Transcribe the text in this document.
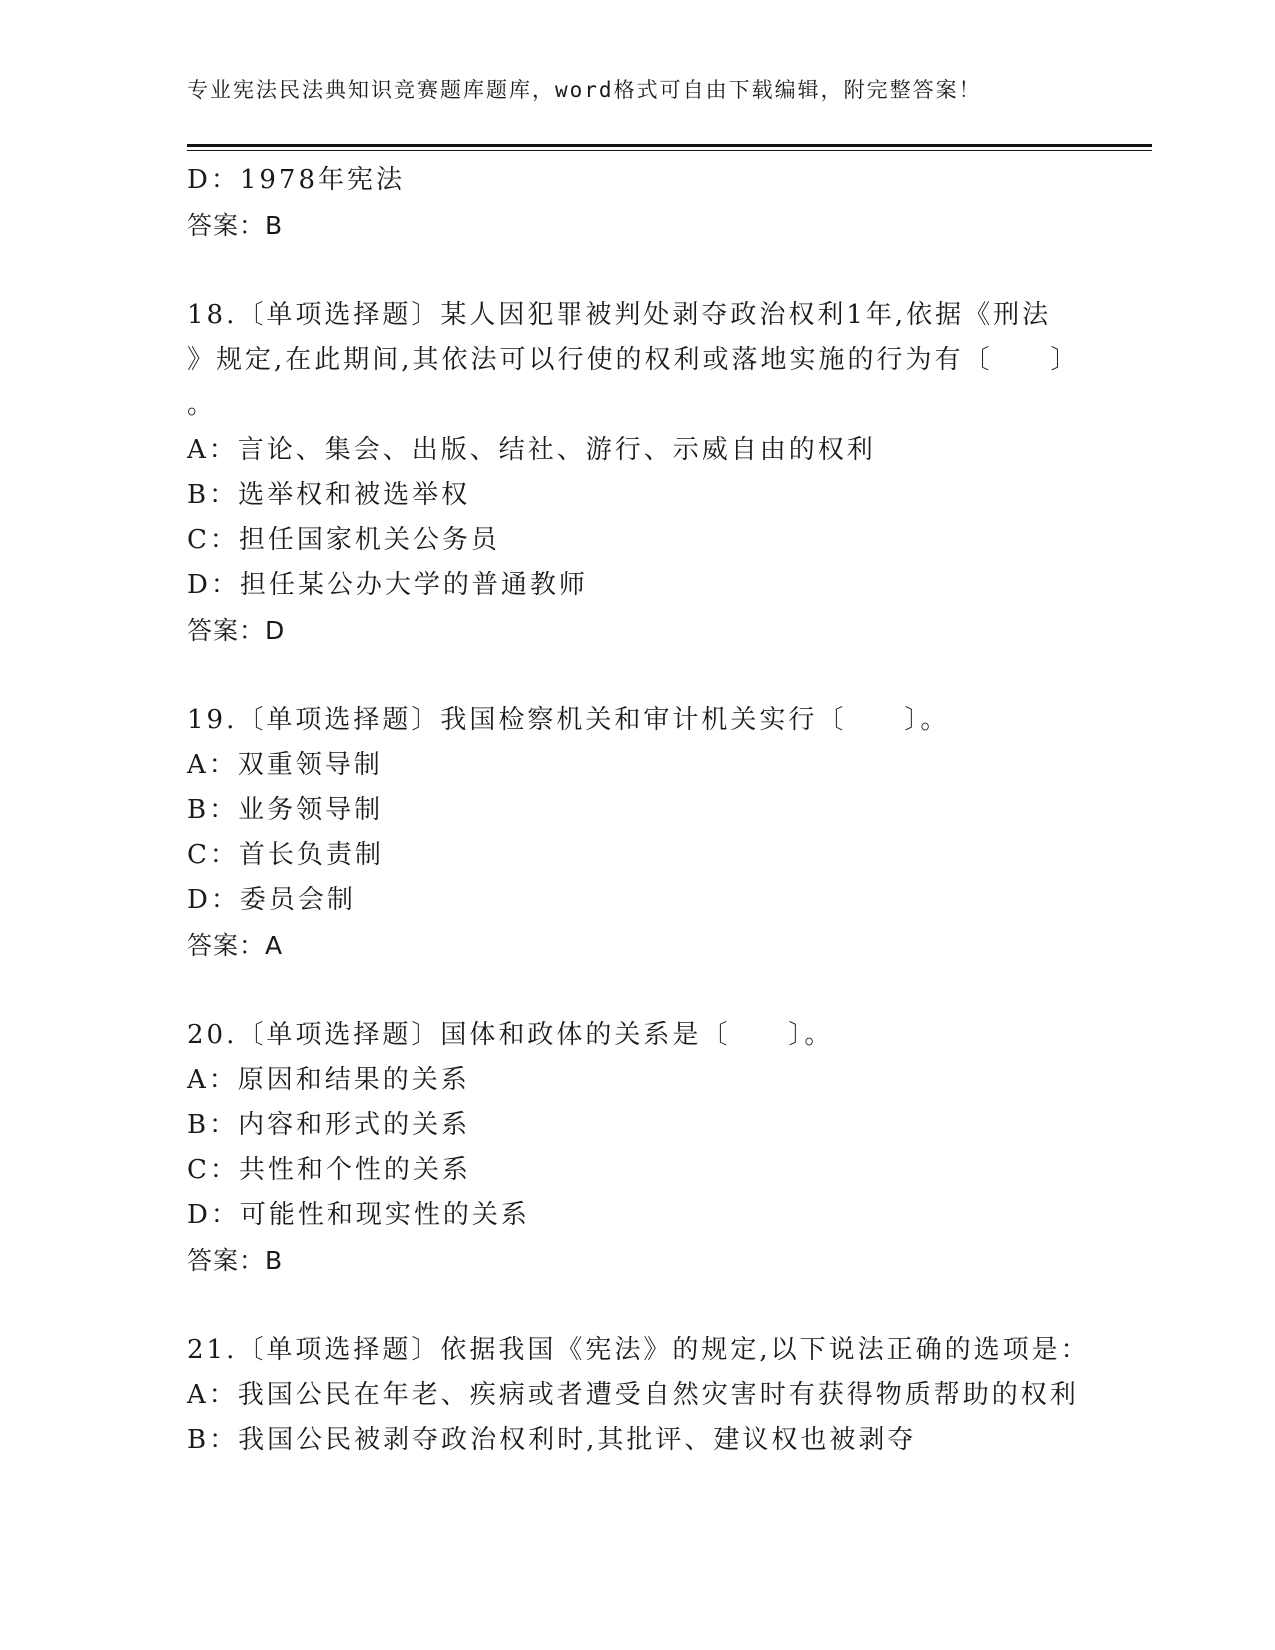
专业宪法民法典知识竞赛题库题库，word格式可自由下载编辑，附完整答案！
D：1978年宪法
答案：B
18.〔单项选择题〕某人因犯罪被判处剥夺政治权利1年,依据《刑法
》规定,在此期间,其依法可以行使的权利或落地实施的行为有〔　　〕
。
A：言论、集会、出版、结社、游行、示威自由的权利
B：选举权和被选举权
C：担任国家机关公务员
D：担任某公办大学的普通教师
答案：D
19.〔单项选择题〕我国检察机关和审计机关实行〔　　〕。
A：双重领导制
B：业务领导制
C：首长负责制
D：委员会制
答案：A
20.〔单项选择题〕国体和政体的关系是〔　　〕。
A：原因和结果的关系
B：内容和形式的关系
C：共性和个性的关系
D：可能性和现实性的关系
答案：B
21.〔单项选择题〕依据我国《宪法》的规定,以下说法正确的选项是：
A：我国公民在年老、疾病或者遭受自然灾害时有获得物质帮助的权利
B：我国公民被剥夺政治权利时,其批评、建议权也被剥夺
